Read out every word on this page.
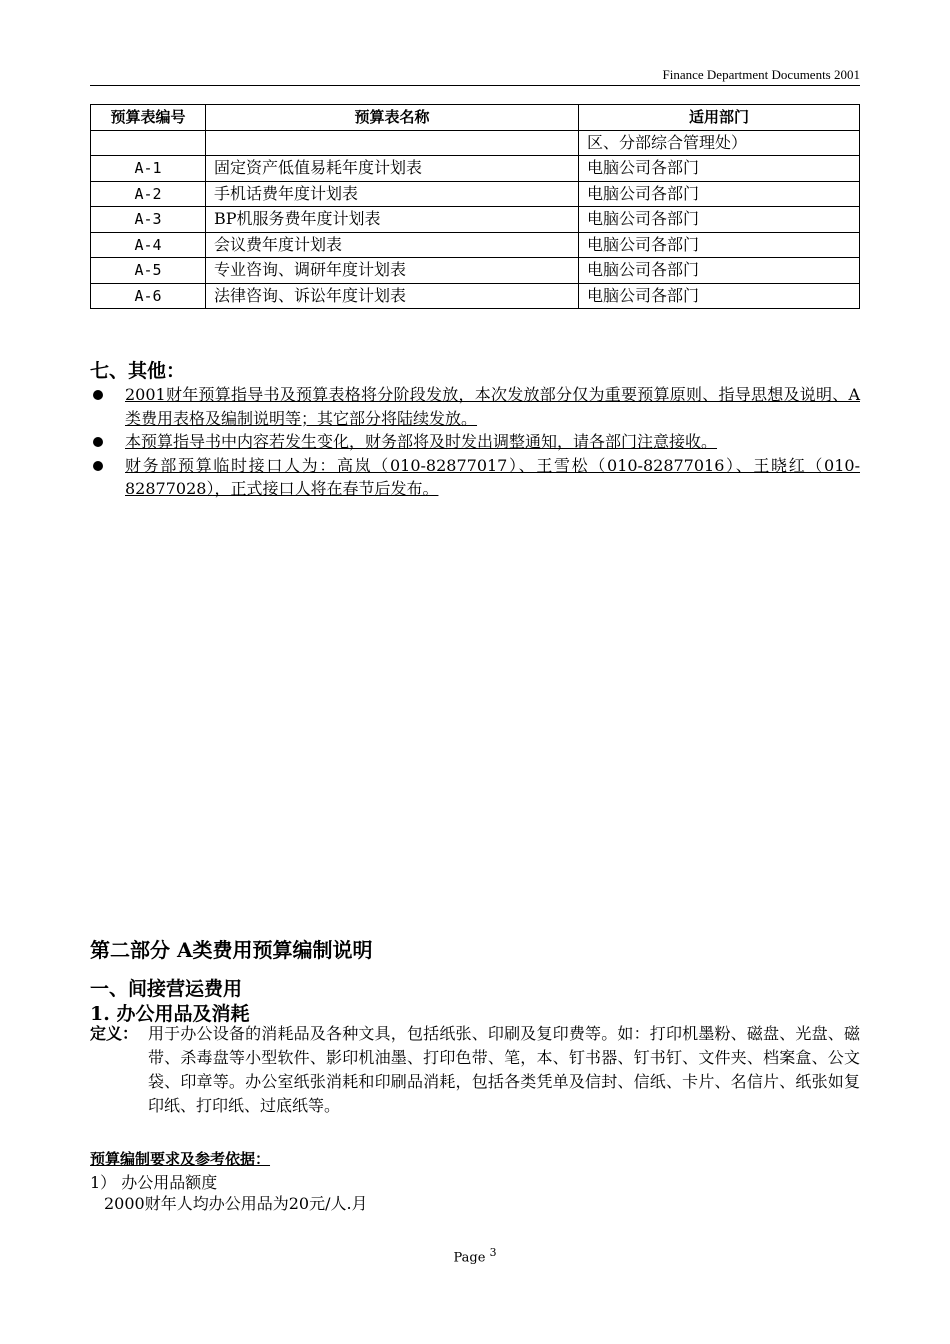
Finance Department Documents 2001
预算表编号	预算表名称	适用部门
		区、分部综合管理处）
A-1	固定资产低值易耗年度计划表	电脑公司各部门
A-2	手机话费年度计划表	电脑公司各部门
A-3	BP机服务费年度计划表	电脑公司各部门
A-4	会议费年度计划表	电脑公司各部门
A-5	专业咨询、调研年度计划表	电脑公司各部门
A-6	法律咨询、诉讼年度计划表	电脑公司各部门
七、其他：
2001财年预算指导书及预算表格将分阶段发放，本次发放部分仅为重要预算原则、指导思想及说明、A类费用表格及编制说明等；其它部分将陆续发放。
本预算指导书中内容若发生变化，财务部将及时发出调整通知，请各部门注意接收。
财务部预算临时接口人为：高岚（010-82877017）、王雪松（010-82877016）、王晓红（010-82877028），正式接口人将在春节后发布。
第二部分 A类费用预算编制说明
一、间接营运费用
1. 办公用品及消耗
定义： 用于办公设备的消耗品及各种文具，包括纸张、印刷及复印费等。如：打印机墨粉、磁盘、光盘、磁带、杀毒盘等小型软件、影印机油墨、打印色带、笔，本、钉书器、钉书钉、文件夹、档案盒、公文袋、印章等。办公室纸张消耗和印刷品消耗，包括各类凭单及信封、信纸、卡片、名信片、纸张如复印纸、打印纸、过底纸等。
预算编制要求及参考依据：
1） 办公用品额度
2000财年人均办公用品为20元/人.月
Page $^3$
